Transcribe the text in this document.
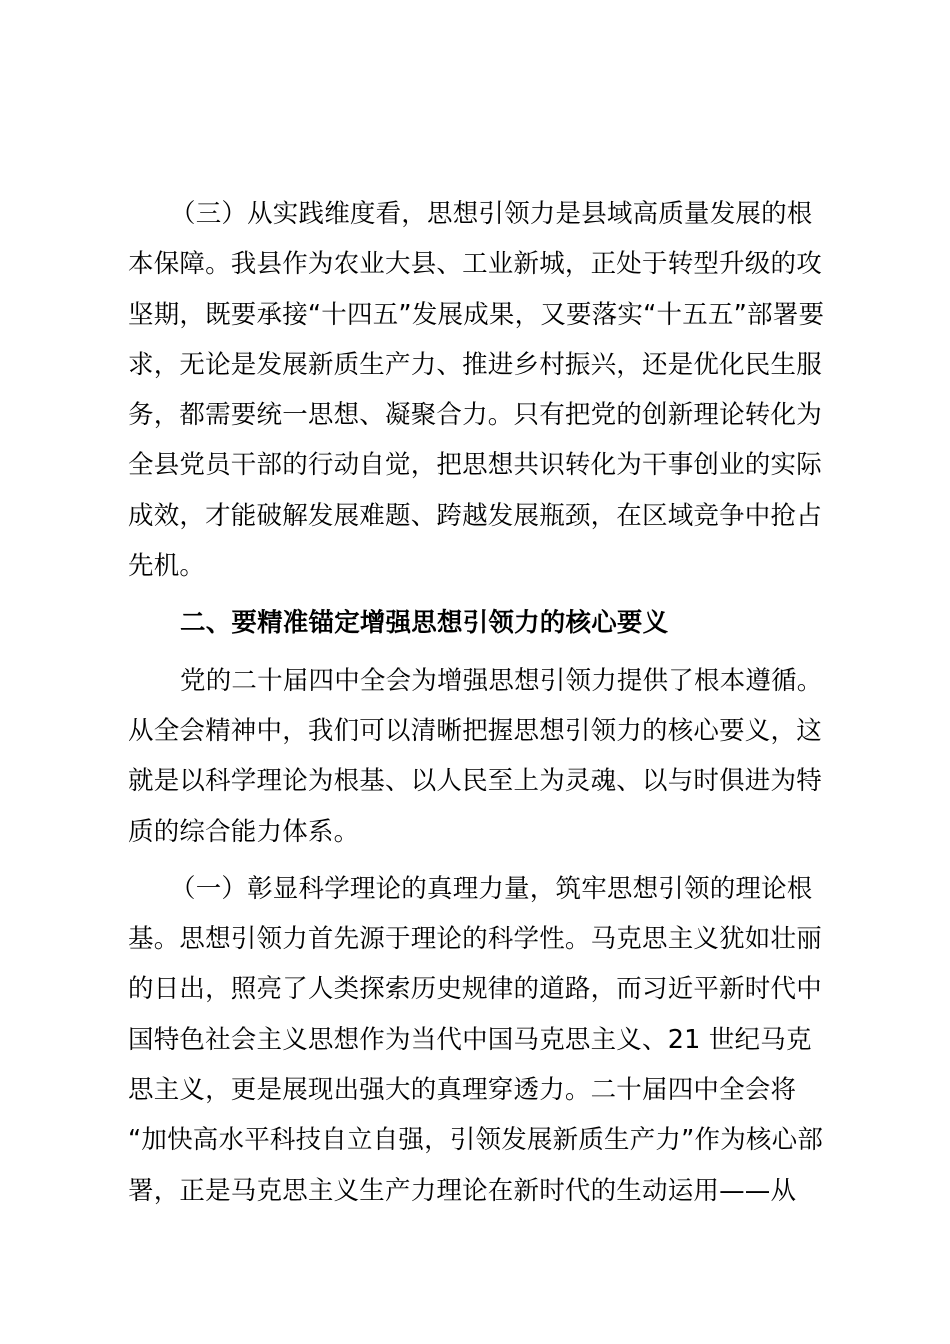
（三）从实践维度看，思想引领力是县域高质量发展的根
本保障。我县作为农业大县、工业新城，正处于转型升级的攻
坚期，既要承接“十四五”发展成果，又要落实“十五五”部署要
求，无论是发展新质生产力、推进乡村振兴，还是优化民生服
务，都需要统一思想、凝聚合力。只有把党的创新理论转化为
全县党员干部的行动自觉，把思想共识转化为干事创业的实际
成效，才能破解发展难题、跨越发展瓶颈，在区域竞争中抢占
先机。
二、要精准锚定增强思想引领力的核心要义
党的二十届四中全会为增强思想引领力提供了根本遵循。
从全会精神中，我们可以清晰把握思想引领力的核心要义，这
就是以科学理论为根基、以人民至上为灵魂、以与时俱进为特
质的综合能力体系。
（一）彰显科学理论的真理力量，筑牢思想引领的理论根
基。思想引领力首先源于理论的科学性。马克思主义犹如壮丽
的日出，照亮了人类探索历史规律的道路，而习近平新时代中
国特色社会主义思想作为当代中国马克思主义、21 世纪马克
思主义，更是展现出强大的真理穿透力。二十届四中全会将
“加快高水平科技自立自强，引领发展新质生产力”作为核心部
署，正是马克思主义生产力理论在新时代的生动运用——从
